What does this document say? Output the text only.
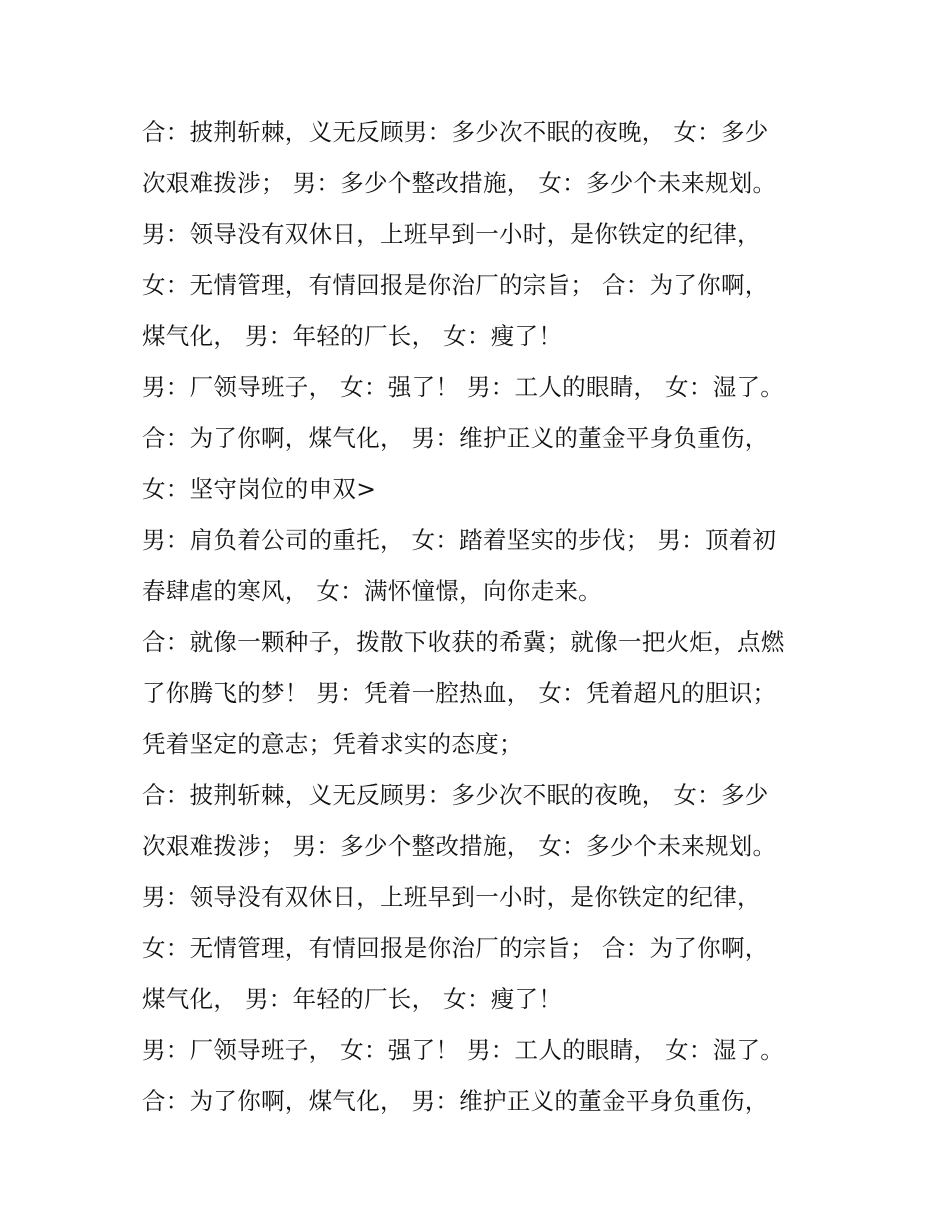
合：披荆斩棘，义无反顾男：多少次不眠的夜晚， 女：多少
次艰难拨涉； 男：多少个整改措施， 女：多少个未来规划。
男：领导没有双休日，上班早到一小时，是你铁定的纪律，
女：无情管理，有情回报是你治厂的宗旨； 合：为了你啊，
煤气化， 男：年轻的厂长， 女：瘦了！
男：厂领导班子， 女：强了！ 男：工人的眼睛， 女：湿了。
合：为了你啊，煤气化， 男：维护正义的董金平身负重伤，
女：坚守岗位的申双>
男：肩负着公司的重托， 女：踏着坚实的步伐； 男：顶着初
春肆虐的寒风， 女：满怀憧憬，向你走来。
合：就像一颗种子，拨散下收获的希冀；就像一把火炬，点燃
了你腾飞的梦！ 男：凭着一腔热血， 女：凭着超凡的胆识；
凭着坚定的意志；凭着求实的态度；
合：披荆斩棘，义无反顾男：多少次不眠的夜晚， 女：多少
次艰难拨涉； 男：多少个整改措施， 女：多少个未来规划。
男：领导没有双休日，上班早到一小时，是你铁定的纪律，
女：无情管理，有情回报是你治厂的宗旨； 合：为了你啊，
煤气化， 男：年轻的厂长， 女：瘦了！
男：厂领导班子， 女：强了！ 男：工人的眼睛， 女：湿了。
合：为了你啊，煤气化， 男：维护正义的董金平身负重伤，
